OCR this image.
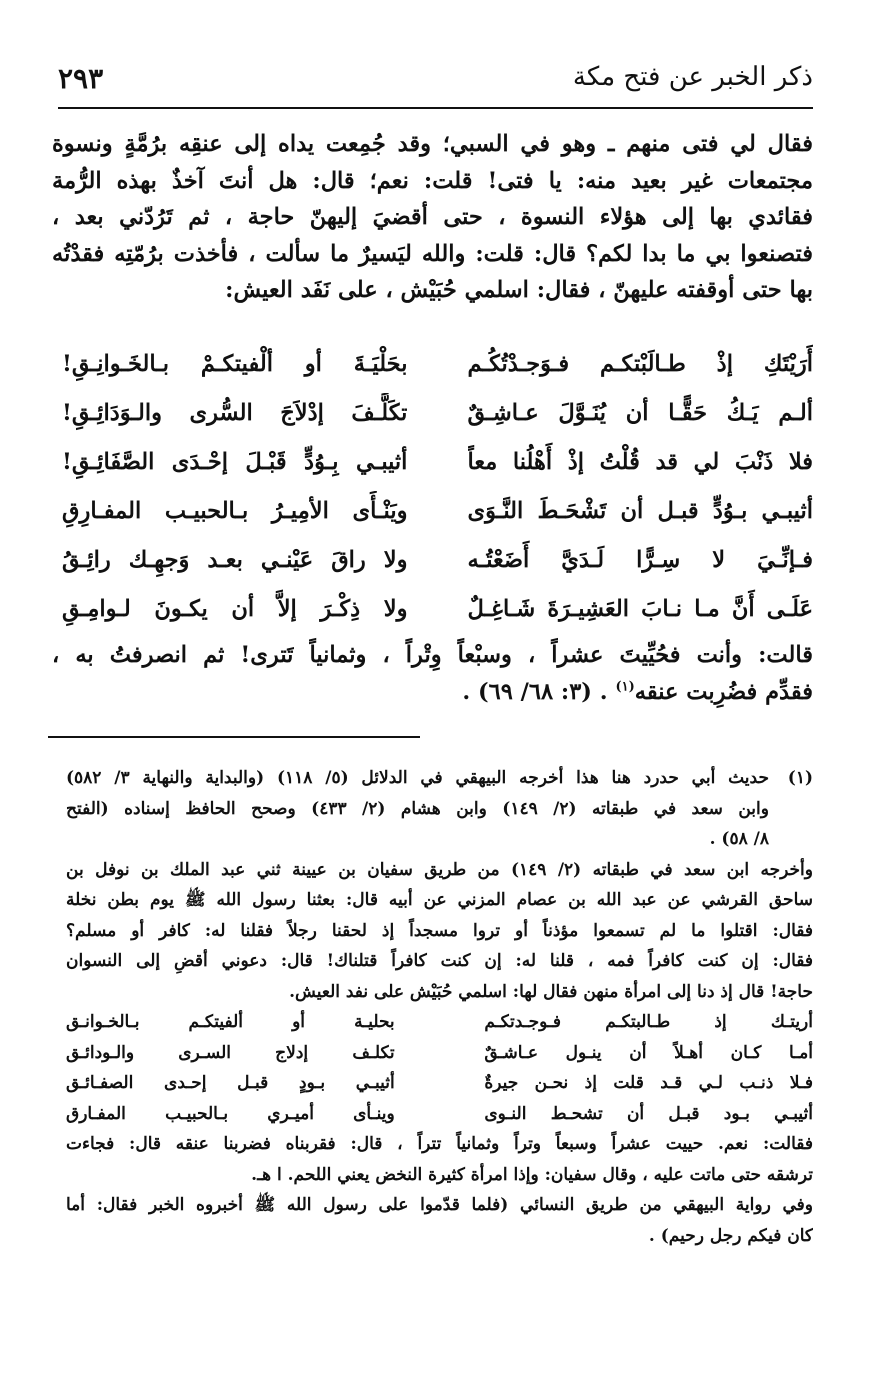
ذكر الخبر عن فتح مكة
٢٩٣
فقال لي فتى منهم ـ وهو في السبي؛ وقد جُمِعت يداه إلى عنقِه برُمَّةٍ ونسوة
مجتمعات غير بعيد منه: يا فتى! قلت: نعم؛ قال: هل أنتَ آخذٌ بهذه الرُّمة
فقائدي بها إلى هؤلاء النسوة ، حتى أقضيَ إليهنّ حاجة ، ثم تَرُدّني بعد ،
فتصنعوا بي ما بدا لكم؟ قال: قلت: والله ليَسيرٌ ما سألت ، فأخذت برُمّتِه فقدْتُه
بها حتى أوقفته عليهنّ ، فقال: اسلمي حُبَيْش ، على نَفَد العيش:
أَرَيْتَكِ إذْ طـالَبْتكـم فـوَجـدْتُكُـم
بحَلْيَـةَ أو ألْفيتكـمْ بـالخَـوانِـقِ!
ألـم يَـكُ حَقًّـا أن يُنَـوَّلَ عـاشِـقٌ
تكَلَّـفَ إدْلاَجَ السُّرى والـوَدَائِـقِ!
فلا ذَنْبَ لي قد قُلْتُ إذْ أَهْلُنا معاً
أثيبـي بِـوُدٍّ قَبْـلَ إحْـدَى الصَّفَائِـقِ!
أثيبـي بـوُدٍّ قبـل أن تَشْحَـطَ النَّـوَى
ويَنْـأَى الأمِيـرُ بـالحبيـب المفـارِقِ
فـإنِّـيَ لا سِـرًّا لَـدَيَّ أَضَعْتُـه
ولا راقَ عَيْنـي بعـد وَجهِـك رائِـقُ
عَلَـى أَنَّ مـا نـابَ العَشِيـرَةَ شَـاغِـلٌ
ولا ذِكْـرَ إلاَّ أن يكـونَ لـوامِـقِ
قالت: وأنت فحُيِّيتَ عشراً ، وسبْعاً وِتْراً ، وثمانياً تَترى! ثم انصرفتُ به ،
فقدِّم فضُرِبت عنقه$^{(١)}$ . (٣: ٦٨/ ٦٩) .
(١)
حديث أبي حدرد هنا هذا أخرجه البيهقي في الدلائل (٥/ ١١٨) (والبداية والنهاية ٣/ ٥٨٢)
وابن سعد في طبقاته (٢/ ١٤٩) وابن هشام (٢/ ٤٣٣) وصحح الحافظ إسناده (الفتح
٨/ ٥٨) .
وأخرجه ابن سعد في طبقاته (٢/ ١٤٩) من طريق سفيان بن عيينة ثني عبد الملك بن نوفل بن
ساحق القرشي عن عبد الله بن عصام المزني عن أبيه قال: بعثنا رسول الله ﷺ يوم بطن نخلة
فقال: اقتلوا ما لم تسمعوا مؤذناً أو تروا مسجداً إذ لحقنا رجلاً فقلنا له: كافر أو مسلم؟
فقال: إن كنت كافراً فمه ، قلنا له: إن كنت كافراً قتلناك! قال: دعوني أقضِ إلى النسوان
حاجة! قال إذ دنا إلى امرأة منهن فقال لها: اسلمي حُبَيْش على نفد العيش.
أريتـك إذ طـالبتكـم فـوجـدتكـم
بحليـة أو ألفيتكـم بـالخـوانـق
أمـا كـان أهـلاً أن ينـول عـاشـقٌ
تكلـف إدلاج السـرى والـودائـق
فـلا ذنـب لـي قـد قلت إذ نحـن جيرةٌ
أثيبـي بـودٍ قبـل إحـدى الصفـائـق
أثيبـي بـود قبـل أن تشحـط النـوى
وينـأى أميـري بـالحبيـب المفـارق
فقالت: نعم. حييت عشراً وسبعاً وتراً وثمانياً تتراً ، قال: فقربناه فضربنا عنقه قال: فجاءت
ترشقه حتى ماتت عليه ، وقال سفيان: وإذا امرأة كثيرة النخض يعني اللحم. ا هـ.
وفي رواية البيهقي من طريق النسائي (فلما قدّموا على رسول الله ﷺ أخبروه الخبر فقال: أما
كان فيكم رجل رحيم) .
